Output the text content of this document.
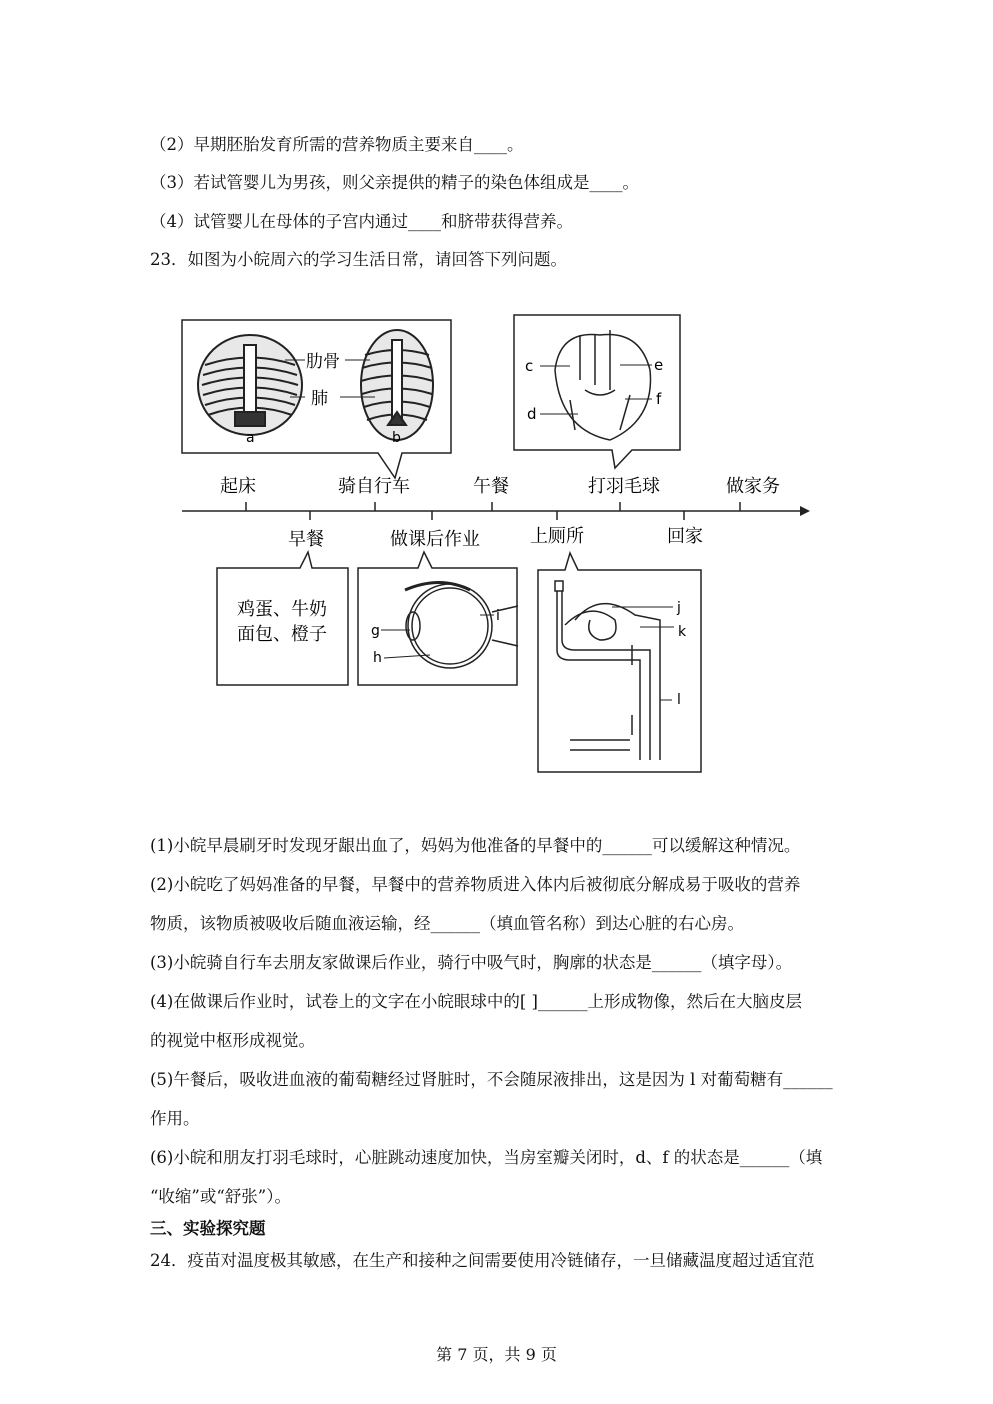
（2）早期胚胎发育所需的营养物质主要来自____。
（3）若试管婴儿为男孩，则父亲提供的精子的染色体组成是____。
（4）试管婴儿在母体的子宫内通过____和脐带获得营养。
23．如图为小皖周六的学习生活日常，请回答下列问题。
肋骨
肺
a	b
c
d
e
f
起床	骑自行车	午餐	打羽毛球	做家务
早餐	做课后作业	上厕所	回家
鸡蛋、牛奶
面包、橙子	g
h
i	j
k
l
(1)小皖早晨刷牙时发现牙龈出血了，妈妈为他准备的早餐中的______可以缓解这种情况。
(2)小皖吃了妈妈准备的早餐，早餐中的营养物质进入体内后被彻底分解成易于吸收的营养
物质，该物质被吸收后随血液运输，经______（填血管名称）到达心脏的右心房。
(3)小皖骑自行车去朋友家做课后作业，骑行中吸气时，胸廓的状态是______（填字母）。
(4)在做课后作业时，试卷上的文字在小皖眼球中的[ ]______上形成物像，然后在大脑皮层
的视觉中枢形成视觉。
(5)午餐后，吸收进血液的葡萄糖经过肾脏时，不会随尿液排出，这是因为 l 对葡萄糖有______
作用。
(6)小皖和朋友打羽毛球时，心脏跳动速度加快，当房室瓣关闭时，d、f 的状态是______（填
“收缩”或“舒张”）。
三、实验探究题
24．疫苗对温度极其敏感，在生产和接种之间需要使用冷链储存，一旦储藏温度超过适宜范
第 7 页，共 9 页
